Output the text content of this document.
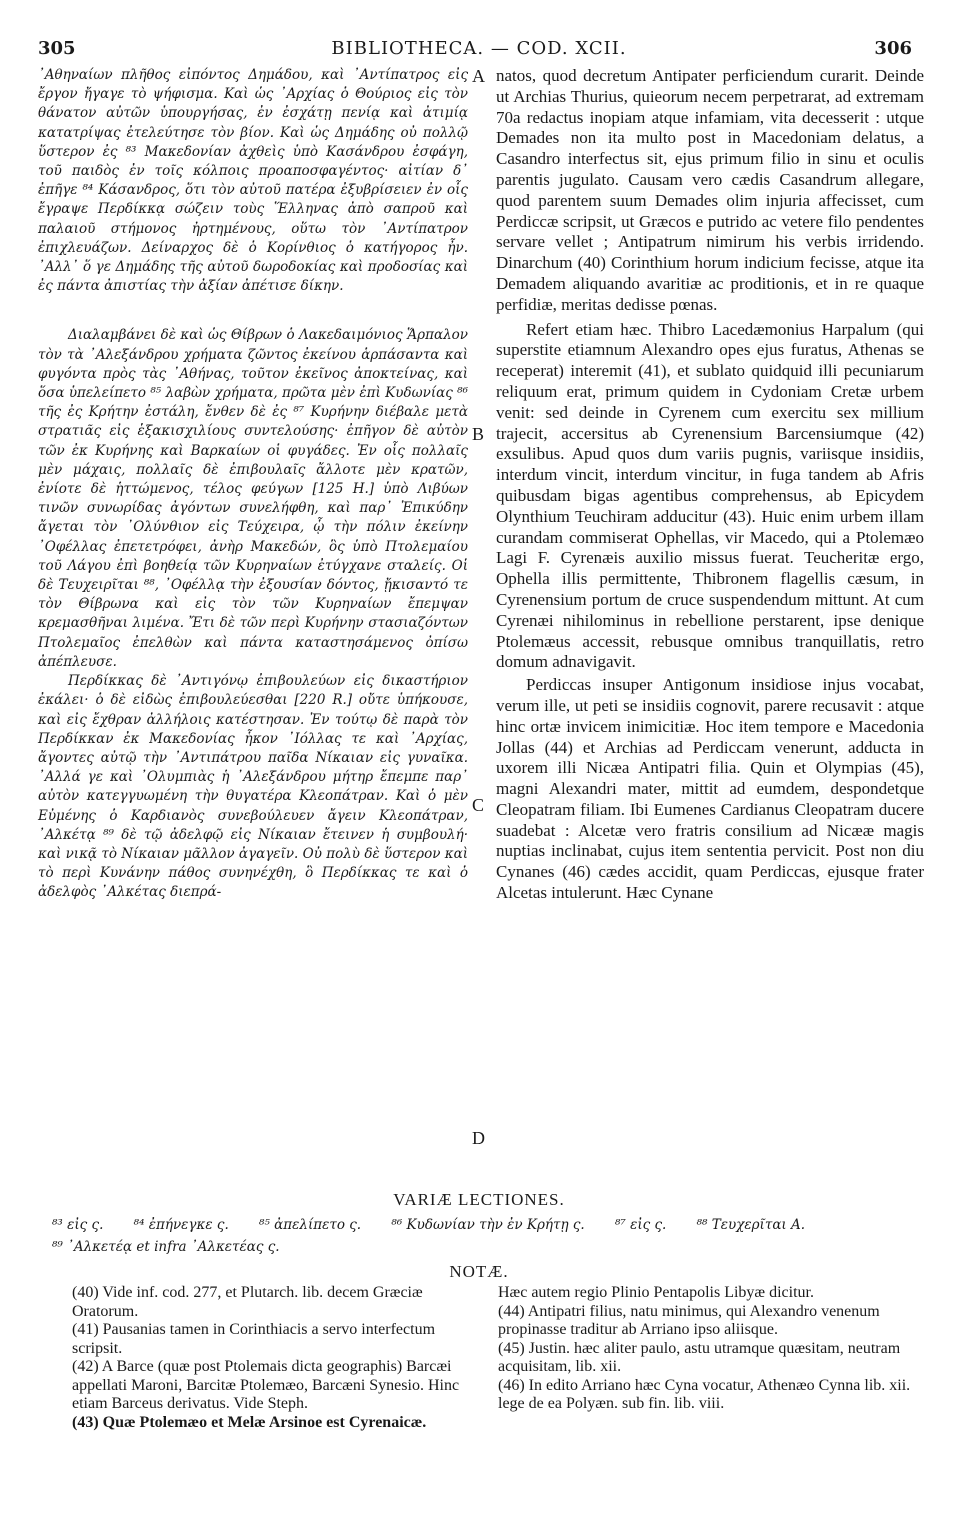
305	BIBLIOTHECA. — COD. XCII.	306

᾿Αθηναίων πλῆθος εἰπόντος Δημάδου, καὶ ᾿Αντίπατρος εἰς ἔργον ἤγαγε τὸ ψήφισμα. Καὶ ὡς ᾿Αρχίας ὁ Θούριος εἰς τὸν θάνατον αὐτῶν ὑπουργήσας, ἐν ἐσχάτῃ πενίᾳ καὶ ἀτιμίᾳ κατατρίψας ἐτελεύτησε τὸν βίον. Καὶ ὡς Δημάδης οὐ πολλῷ ὕστερον ἐς ⁸³ Μακεδονίαν ἀχθεὶς ὑπὸ Κασάνδρου ἐσφάγη, τοῦ παιδὸς ἐν τοῖς κόλποις προαποσφαγέντος· αἰτίαν δ᾿ ἐπῆγε ⁸⁴ Κάσανδρος, ὅτι τὸν αὐτοῦ πατέρα ἐξυβρίσειεν ἐν οἷς ἔγραψε Περδίκκᾳ σώζειν τοὺς Ἕλληνας ἀπὸ σαπροῦ καὶ παλαιοῦ στήμονος ἠρτημένους, οὕτω τὸν ᾿Αντίπατρον ἐπιχλευάζων. Δείναρχος δὲ ὁ Κορίνθιος ὁ κατήγορος ἦν. ᾿Αλλ᾿ ὅ γε Δημάδης τῆς αὐτοῦ δωροδοκίας καὶ προδοσίας καὶ ἐς πάντα ἀπιστίας τὴν ἀξίαν ἀπέτισε δίκην.

Διαλαμβάνει δὲ καὶ ὡς Θίβρων ὁ Λακεδαιμόνιος Ἅρπαλον τὸν τὰ ᾿Αλεξάνδρου χρήματα ζῶντος ἐκείνου ἁρπάσαντα καὶ φυγόντα πρὸς τὰς ᾿Αθήνας, τοῦτον ἐκεῖνος ἀποκτείνας, καὶ ὅσα ὑπελείπετο ⁸⁵ λαβὼν χρήματα, πρῶτα μὲν ἐπὶ Κυδωνίας ⁸⁶ τῆς ἐς Κρήτην ἐστάλη, ἔνθεν δὲ ἐς ⁸⁷ Κυρήνην διέβαλε μετὰ στρατιᾶς εἰς ἑξακισχιλίους συντελούσης· ἐπῆγον δὲ αὐτὸν τῶν ἐκ Κυρήνης καὶ Βαρκαίων οἱ φυγάδες. Ἐν οἷς πολλαῖς μὲν μάχαις, πολλαῖς δὲ ἐπιβουλαῖς ἄλλοτε μὲν κρατῶν, ἐνίοτε δὲ ἡττώμενος, τέλος φεύγων [125 H.] ὑπὸ Λιβύων τινῶν συνωρίδας ἀγόντων συνελήφθη, καὶ παρ᾿ Ἐπικύδην ἄγεται τὸν ᾿Ολύνθιον εἰς Τεύχειρα, ᾧ τὴν πόλιν ἐκείνην ᾿Οφέλλας ἐπετετρόφει, ἀνὴρ Μακεδών, ὃς ὑπὸ Πτολεμαίου τοῦ Λάγου ἐπὶ βοηθείᾳ τῶν Κυρηναίων ἐτύγχανε σταλείς. Οἱ δὲ Τευχειρῖται ⁸⁸, ᾿Οφέλλᾳ τὴν ἐξουσίαν δόντος, ᾔκισαντό τε τὸν Θίβρωνα καὶ εἰς τὸν τῶν Κυρηναίων ἔπεμψαν κρεμασθῆναι λιμένα. Ἔτι δὲ τῶν περὶ Κυρήνην στασιαζόντων Πτολεμαῖος ἐπελθὼν καὶ πάντα καταστησάμενος ὀπίσω ἀπέπλευσε.

Περδίκκας δὲ ᾿Αντιγόνῳ ἐπιβουλεύων εἰς δικαστήριον ἐκάλει· ὁ δὲ εἰδὼς ἐπιβουλεύεσθαι [220 R.] οὔτε ὑπήκουσε, καὶ εἰς ἔχθραν ἀλλήλοις κατέστησαν. Ἐν τούτῳ δὲ παρὰ τὸν Περδίκκαν ἐκ Μακεδονίας ἧκον ᾿Ιόλλας τε καὶ ᾿Αρχίας, ἄγοντες αὐτῷ τὴν ᾿Αντιπάτρου παῖδα Νίκαιαν εἰς γυναῖκα. ᾿Αλλά γε καὶ ᾿Ολυμπιὰς ἡ ᾿Αλεξάνδρου μήτηρ ἔπεμπε παρ᾿ αὐτὸν κατεγγυωμένη τὴν θυγατέρα Κλεοπάτραν. Καὶ ὁ μὲν Εὐμένης ὁ Καρδιανὸς συνεβούλευεν ἄγειν Κλεοπάτραν, ᾿Αλκέτᾳ ⁸⁹ δὲ τῷ ἀδελφῷ εἰς Νίκαιαν ἔτεινεν ἡ συμβουλή· καὶ νικᾷ τὸ Νίκαιαν μᾶλλον ἀγαγεῖν. Οὐ πολὺ δὲ ὕστερον καὶ τὸ περὶ Κυνάνην πάθος συνηνέχθη, ὃ Περδίκκας τε καὶ ὁ ἀδελφὸς ᾿Αλκέτας διεπρά-

A
B
C
D

natos, quod decretum Antipater perficiendum curarit. Deinde ut Archias Thurius, quieorum necem perpetrarat, ad extremam 70a redactus inopiam atque infamiam, vita decesserit : utque Demades non ita multo post in Macedoniam delatus, a Casandro interfectus sit, ejus primum filio in sinu et oculis parentis jugulato. Causam vero cædis Casandrum allegare, quod parentem suum Demades olim injuria affecisset, cum Perdiccæ scripsit, ut Græcos e putrido ac vetere filo pendentes servare vellet ; Antipatrum nimirum his verbis irridendo. Dinarchum (40) Corinthium horum indicium fecisse, atque ita Demadem aliquando avaritiæ ac proditionis, et in re quaque perfidiæ, meritas dedisse pœnas.

Refert etiam hæc. Thibro Lacedæmonius Harpalum (qui superstite etiamnum Alexandro opes ejus furatus, Athenas se receperat) interemit (41), et sublato quidquid illi pecuniarum reliquum erat, primum quidem in Cydoniam Cretæ urbem venit: sed deinde in Cyrenem cum exercitu sex millium trajecit, accersitus ab Cyrenensium Barcensiumque (42) exsulibus. Apud quos dum variis pugnis, variisque insidiis, interdum vincit, interdum vincitur, in fuga tandem ab Afris quibusdam bigas agentibus comprehensus, ab Epicydem Olynthium Teuchiram adducitur (43). Huic enim urbem illam curandam commiserat Ophellas, vir Macedo, qui a Ptolemæo Lagi F. Cyrenæis auxilio missus fuerat. Teucheritæ ergo, Ophella illis permittente, Thibronem flagellis cæsum, in Cyrenensium portum de cruce suspendendum mittunt. At cum Cyrenæi nihilominus in rebellione perstarent, ipse denique Ptolemæus accessit, rebusque omnibus tranquillatis, retro domum adnavigavit.

Perdiccas insuper Antigonum insidiose injus vocabat, verum ille, ut peti se insidiis cognovit, parere recusavit : atque hinc ortæ invicem inimicitiæ. Hoc item tempore e Macedonia Jollas (44) et Archias ad Perdiccam venerunt, adducta in uxorem illi Nicæa Antipatri filia. Quin et Olympias (45), magni Alexandri mater, mittit ad eumdem, despondetque Cleopatram filiam. Ibi Eumenes Cardianus Cleopatram ducere suadebat : Alcetæ vero fratris consilium ad Nicææ magis nuptias inclinabat, cujus item sententia pervicit. Post non diu Cynanes (46) cædes accidit, quam Perdiccas, ejusque frater Alcetas intulerunt. Hæc Cynane

VARIÆ LECTIONES.
⁸³ εἰς ς. ⁸⁴ ἐπήνεγκε ς. ⁸⁵ ἀπελίπετο ς. ⁸⁶ Κυδωνίαν τὴν ἐν Κρήτῃ ς. ⁸⁷ εἰς ς. ⁸⁸ Τευχερῖται A.
⁸⁹ ᾿Αλκετέᾳ et infra ᾿Αλκετέας ς.
NOTÆ.

(40) Vide inf. cod. 277, et Plutarch. lib. decem Græciæ Oratorum.

(41) Pausanias tamen in Corinthiacis a servo interfectum scripsit.

(42) A Barce (quæ post Ptolemais dicta geographis) Barcæi appellati Maroni, Barcitæ Ptolemæo, Barcæni Synesio. Hinc etiam Barceus derivatus. Vide Steph.

(43) Quæ Ptolemæo et Melæ Arsinoe est Cyrenaicæ.

Hæc autem regio Plinio Pentapolis Libyæ dicitur.

(44) Antipatri filius, natu minimus, qui Alexandro venenum propinasse traditur ab Arriano ipso aliisque.

(45) Justin. hæc aliter paulo, astu utramque quæsitam, neutram acquisitam, lib. xii.

(46) In edito Arriano hæc Cyna vocatur, Athenæo Cynna lib. xii. lege de ea Polyæn. sub fin. lib. viii.
